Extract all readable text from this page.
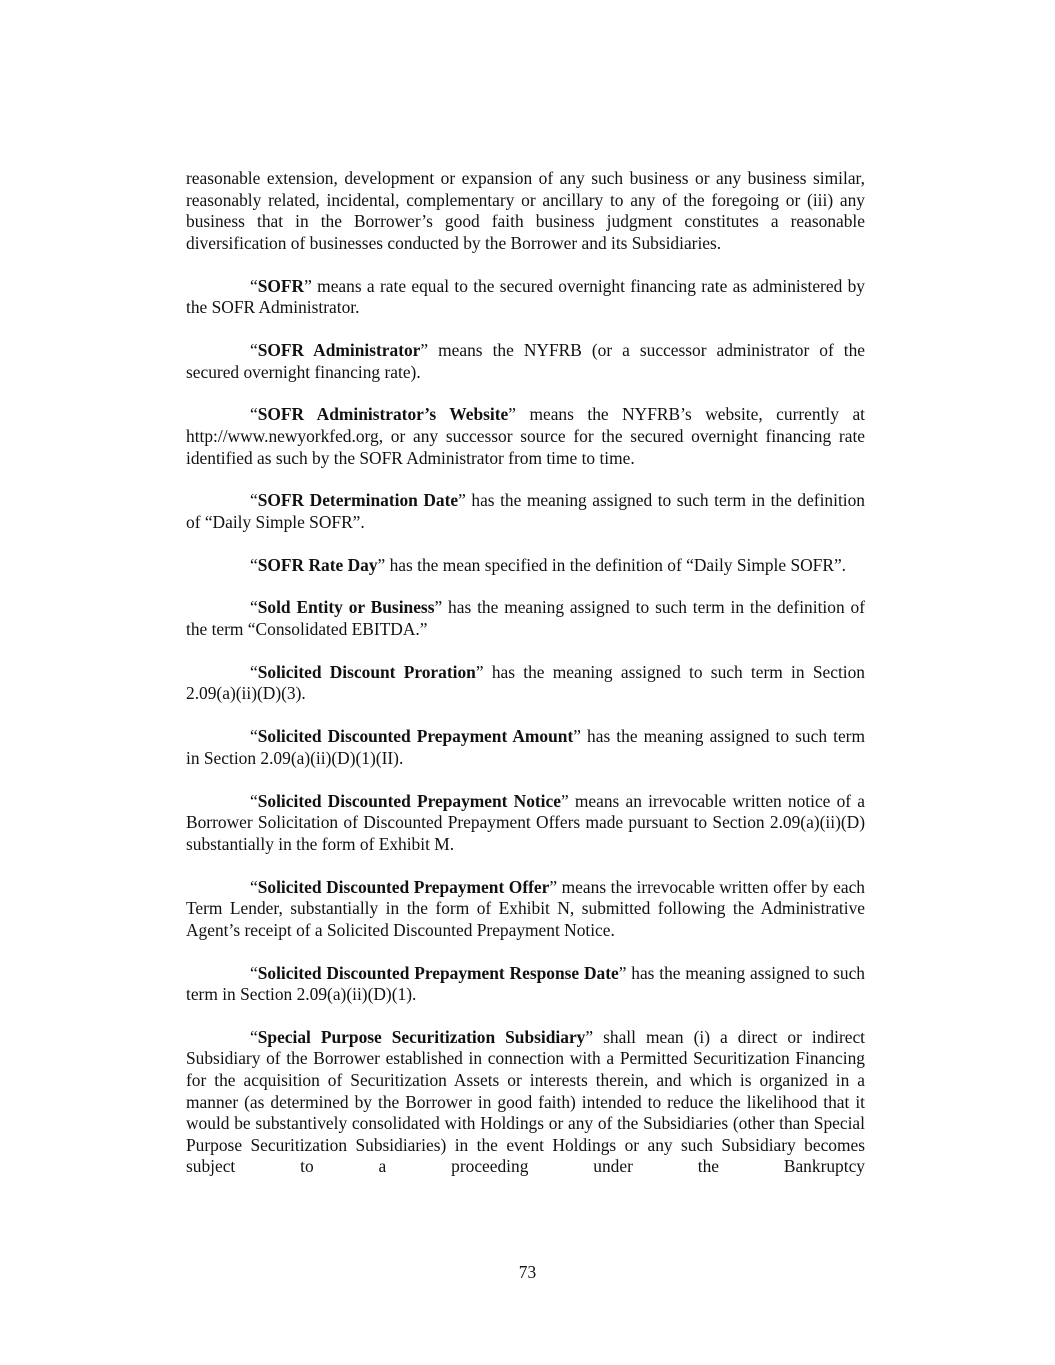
reasonable extension, development or expansion of any such business or any business similar, reasonably related, incidental, complementary or ancillary to any of the foregoing or (iii) any business that in the Borrower’s good faith business judgment constitutes a reasonable diversification of businesses conducted by the Borrower and its Subsidiaries.

“SOFR” means a rate equal to the secured overnight financing rate as administered by the SOFR Administrator.

“SOFR Administrator” means the NYFRB (or a successor administrator of the secured overnight financing rate).

“SOFR Administrator’s Website” means the NYFRB’s website, currently at http://www.newyorkfed.org, or any successor source for the secured overnight financing rate identified as such by the SOFR Administrator from time to time.

“SOFR Determination Date” has the meaning assigned to such term in the definition of “Daily Simple SOFR”.

“SOFR Rate Day” has the mean specified in the definition of “Daily Simple SOFR”.

“Sold Entity or Business” has the meaning assigned to such term in the definition of the term “Consolidated EBITDA.”

“Solicited Discount Proration” has the meaning assigned to such term in Section 2.09(a)(ii)(D)(3).

“Solicited Discounted Prepayment Amount” has the meaning assigned to such term in Section 2.09(a)(ii)(D)(1)(II).

“Solicited Discounted Prepayment Notice” means an irrevocable written notice of a Borrower Solicitation of Discounted Prepayment Offers made pursuant to Section 2.09(a)(ii)(D) substantially in the form of Exhibit M.

“Solicited Discounted Prepayment Offer” means the irrevocable written offer by each Term Lender, substantially in the form of Exhibit N, submitted following the Administrative Agent’s receipt of a Solicited Discounted Prepayment Notice.

“Solicited Discounted Prepayment Response Date” has the meaning assigned to such term in Section 2.09(a)(ii)(D)(1).

“Special Purpose Securitization Subsidiary” shall mean (i) a direct or indirect Subsidiary of the Borrower established in connection with a Permitted Securitization Financing for the acquisition of Securitization Assets or interests therein, and which is organized in a manner (as determined by the Borrower in good faith) intended to reduce the likelihood that it would be substantively consolidated with Holdings or any of the Subsidiaries (other than Special Purpose Securitization Subsidiaries) in the event Holdings or any such Subsidiary becomes subject to a proceeding under the Bankruptcy

73
